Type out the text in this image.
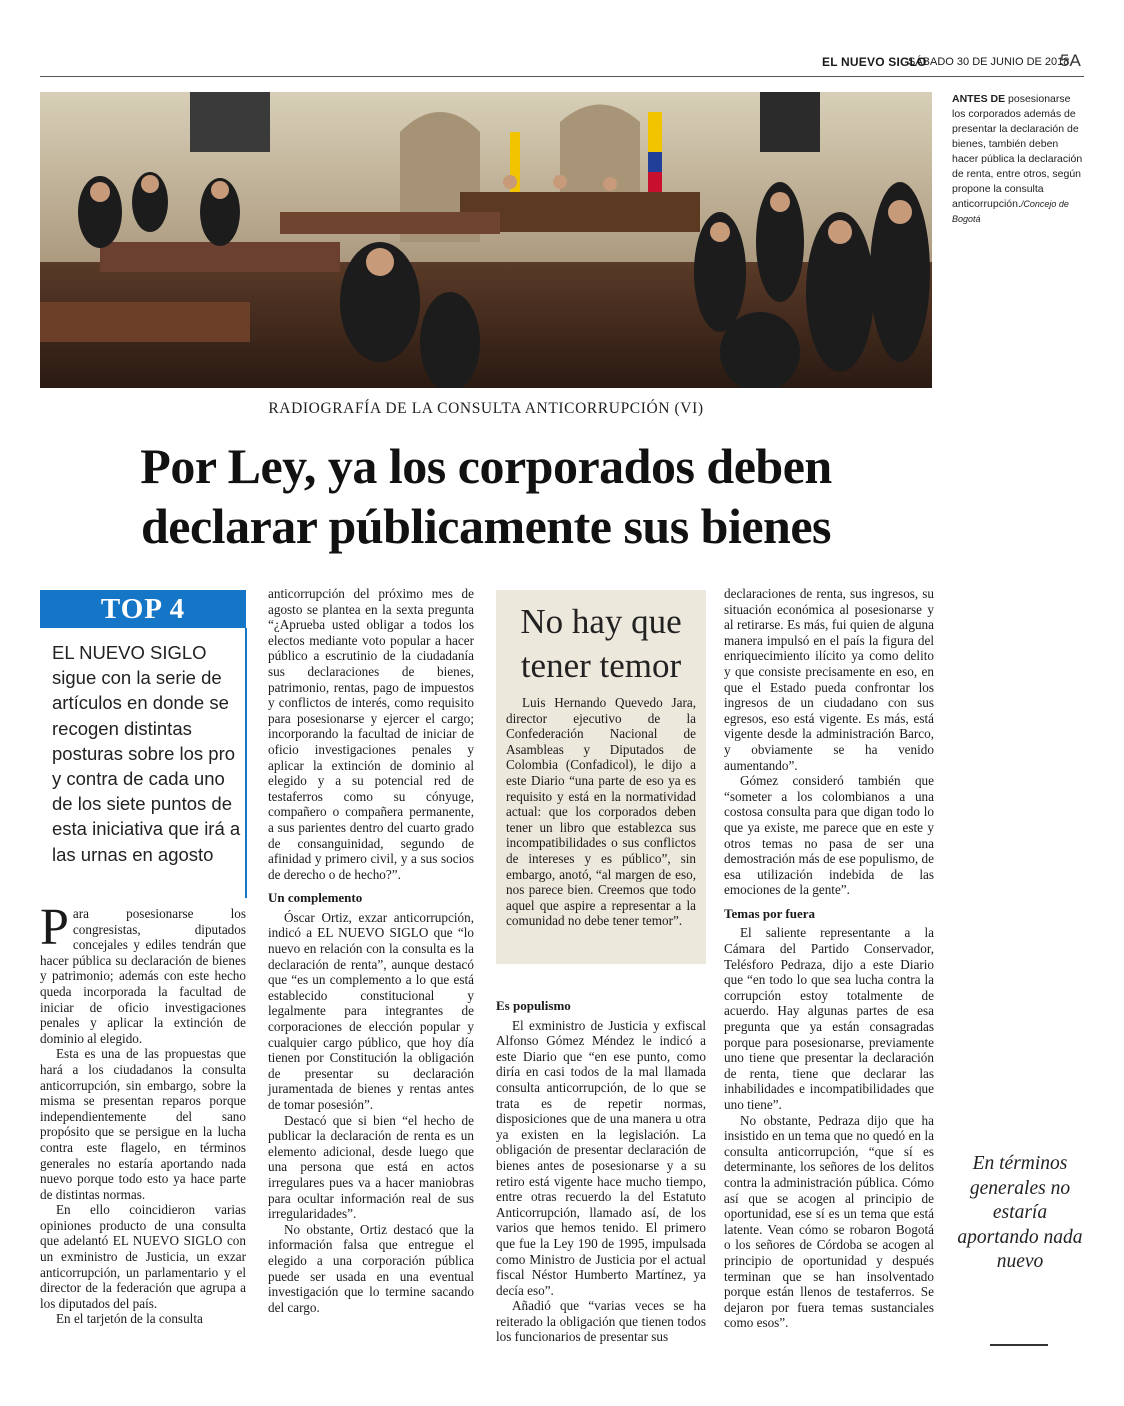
EL NUEVO SIGLO
SÁBADO 30 DE JUNIO DE 2018
5A
ANTES DE posesionarse los corporados además de presentar la declaración de bienes, también deben hacer pública la declaración de renta, entre otros, según propone la consulta anticorrupción./Concejo de Bogotá
RADIOGRAFÍA DE LA CONSULTA ANTICORRUPCIÓN (VI)
Por Ley, ya los corporados deben
declarar públicamente sus bienes
TOP 4
EL NUEVO SIGLO sigue con la serie de artículos en donde se recogen distintas posturas sobre los pro y contra de cada uno de los siete puntos de esta iniciativa que irá a las urnas en agosto

Para posesionarse los congresistas, diputados concejales y ediles tendrán que hacer pública su declaración de bienes y patrimonio; además con este hecho queda incorporada la facultad de iniciar de oficio investigaciones penales y aplicar la extinción de dominio al elegido.

Esta es una de las propuestas que hará a los ciudadanos la consulta anticorrupción, sin embargo, sobre la misma se presentan reparos porque independientemente del sano propósito que se persigue en la lucha contra este flagelo, en términos generales no estaría aportando nada nuevo porque todo esto ya hace parte de distintas normas.

En ello coincidieron varias opiniones producto de una consulta que adelantó EL NUEVO SIGLO con un exministro de Justicia, un exzar anticorrupción, un parlamentario y el director de la federación que agrupa a los diputados del país.

En el tarjetón de la consulta

anticorrupción del próximo mes de agosto se plantea en la sexta pregunta “¿Aprueba usted obligar a todos los electos mediante voto popular a hacer público a escrutinio de la ciudadanía sus declaraciones de bienes, patrimonio, rentas, pago de impuestos y conflictos de interés, como requisito para posesionarse y ejercer el cargo; incorporando la facultad de iniciar de oficio investigaciones penales y aplicar la extinción de dominio al elegido y a su potencial red de testaferros como su cónyuge, compañero o compañera permanente, a sus parientes dentro del cuarto grado de consanguinidad, segundo de afinidad y primero civil, y a sus socios de derecho o de hecho?”.

Un complemento

Óscar Ortiz, exzar anticorrupción, indicó a EL NUEVO SIGLO que “lo nuevo en relación con la consulta es la declaración de renta”, aunque destacó que “es un complemento a lo que está establecido constitucional y legalmente para integrantes de corporaciones de elección popular y cualquier cargo público, que hoy día tienen por Constitución la obligación de presentar su declaración juramentada de bienes y rentas antes de tomar posesión”.

Destacó que si bien “el hecho de publicar la declaración de renta es un elemento adicional, desde luego que una persona que está en actos irregulares pues va a hacer maniobras para ocultar información real de sus irregularidades”.

No obstante, Ortiz destacó que la información falsa que entregue el elegido a una corporación pública puede ser usada en una eventual investigación que lo termine sacando del cargo.

No hay que tener temor

Luis Hernando Quevedo Jara, director ejecutivo de la Confederación Nacional de Asambleas y Diputados de Colombia (Confadicol), le dijo a este Diario “una parte de eso ya es requisito y está en la normatividad actual: que los corporados deben tener un libro que establezca sus incompatibilidades o sus conflictos de intereses y es público”, sin embargo, anotó, “al margen de eso, nos parece bien. Creemos que todo aquel que aspire a representar a la comunidad no debe tener temor”.

Es populismo

El exministro de Justicia y exfiscal Alfonso Gómez Méndez le indicó a este Diario que “en ese punto, como diría en casi todos de la mal llamada consulta anticorrupción, de lo que se trata es de repetir normas, disposiciones que de una manera u otra ya existen en la legislación. La obligación de presentar declaración de bienes antes de posesionarse y a su retiro está vigente hace mucho tiempo, entre otras recuerdo la del Estatuto Anticorrupción, llamado así, de los varios que hemos tenido. El primero que fue la Ley 190 de 1995, impulsada como Ministro de Justicia por el actual fiscal Néstor Humberto Martínez, ya decía eso”.

Añadió que “varias veces se ha reiterado la obligación que tienen todos los funcionarios de presentar sus

declaraciones de renta, sus ingresos, su situación económica al posesionarse y al retirarse. Es más, fui quien de alguna manera impulsó en el país la figura del enriquecimiento ilícito ya como delito y que consiste precisamente en eso, en que el Estado pueda confrontar los ingresos de un ciudadano con sus egresos, eso está vigente. Es más, está vigente desde la administración Barco, y obviamente se ha venido aumentando”.

Gómez consideró también que “someter a los colombianos a una costosa consulta para que digan todo lo que ya existe, me parece que en este y otros temas no pasa de ser una demostración más de ese populismo, de esa utilización indebida de las emociones de la gente”.

Temas por fuera

El saliente representante a la Cámara del Partido Conservador, Telésforo Pedraza, dijo a este Diario que “en todo lo que sea lucha contra la corrupción estoy totalmente de acuerdo. Hay algunas partes de esa pregunta que ya están consagradas porque para posesionarse, previamente uno tiene que presentar la declaración de renta, tiene que declarar las inhabilidades e incompatibilidades que uno tiene”.

No obstante, Pedraza dijo que ha insistido en un tema que no quedó en la consulta anticorrupción, “que sí es determinante, los señores de los delitos contra la administración pública. Cómo así que se acogen al principio de oportunidad, ese sí es un tema que está latente. Vean cómo se robaron Bogotá o los señores de Córdoba se acogen al principio de oportunidad y después terminan que se han insolventado porque están llenos de testaferros. Se dejaron por fuera temas sustanciales como esos”.

En términos generales no estaría aportando nada nuevo
